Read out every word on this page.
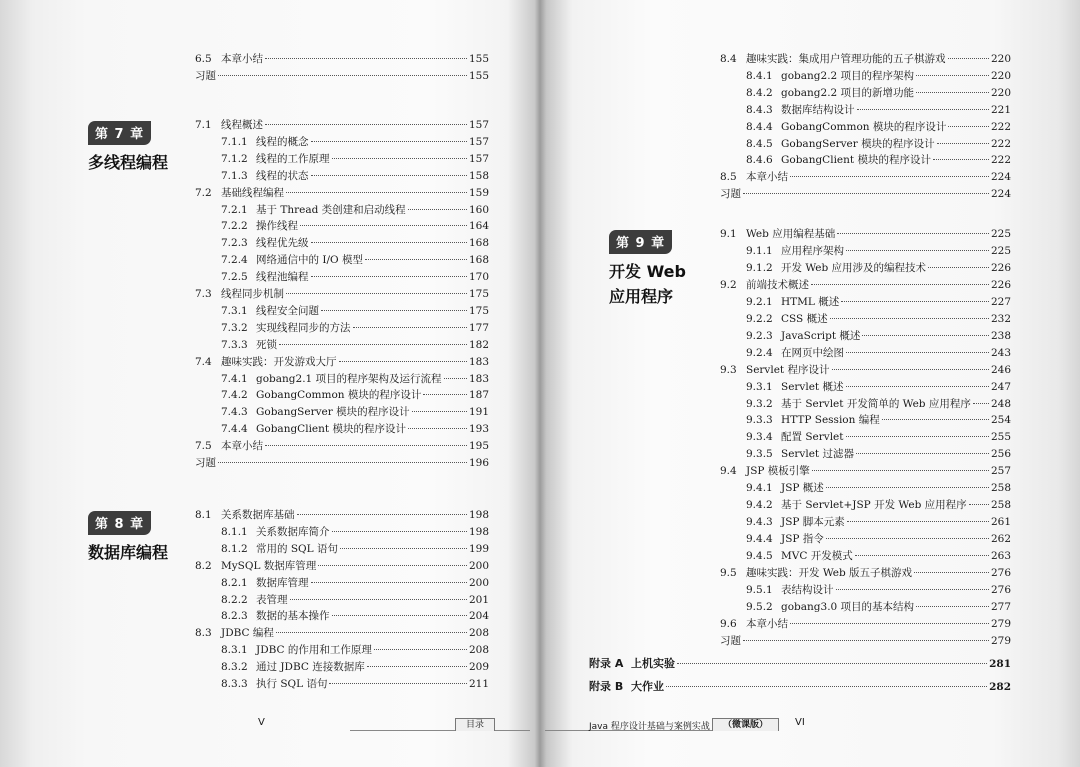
6.5 本章小结	155
习题	155
第 7 章
多线程编程
7.1 线程概述	157
7.1.1 线程的概念	157
7.1.2 线程的工作原理	157
7.1.3 线程的状态	158
7.2 基础线程编程	159
7.2.1 基于 Thread 类创建和启动线程	160
7.2.2 操作线程	164
7.2.3 线程优先级	168
7.2.4 网络通信中的 I/O 模型	168
7.2.5 线程池编程	170
7.3 线程同步机制	175
7.3.1 线程安全问题	175
7.3.2 实现线程同步的方法	177
7.3.3 死锁	182
7.4 趣味实践：开发游戏大厅	183
7.4.1 gobang2.1 项目的程序架构及运行流程	183
7.4.2 GobangCommon 模块的程序设计	187
7.4.3 GobangServer 模块的程序设计	191
7.4.4 GobangClient 模块的程序设计	193
7.5 本章小结	195
习题	196
第 8 章
数据库编程
8.1 关系数据库基础	198
8.1.1 关系数据库简介	198
8.1.2 常用的 SQL 语句	199
8.2 MySQL 数据库管理	200
8.2.1 数据库管理	200
8.2.2 表管理	201
8.2.3 数据的基本操作	204
8.3 JDBC 编程	208
8.3.1 JDBC 的作用和工作原理	208
8.3.2 通过 JDBC 连接数据库	209
8.3.3 执行 SQL 语句	211
8.4 趣味实践：集成用户管理功能的五子棋游戏	220
8.4.1 gobang2.2 项目的程序架构	220
8.4.2 gobang2.2 项目的新增功能	220
8.4.3 数据库结构设计	221
8.4.4 GobangCommon 模块的程序设计	222
8.4.5 GobangServer 模块的程序设计	222
8.4.6 GobangClient 模块的程序设计	222
8.5 本章小结	224
习题	224
第 9 章
开发 Web
应用程序
9.1 Web 应用编程基础	225
9.1.1 应用程序架构	225
9.1.2 开发 Web 应用涉及的编程技术	226
9.2 前端技术概述	226
9.2.1 HTML 概述	227
9.2.2 CSS 概述	232
9.2.3 JavaScript 概述	238
9.2.4 在网页中绘图	243
9.3 Servlet 程序设计	246
9.3.1 Servlet 概述	247
9.3.2 基于 Servlet 开发简单的 Web 应用程序 248
9.3.3 HTTP Session 编程	254
9.3.4 配置 Servlet	255
9.3.5 Servlet 过滤器	256
9.4 JSP 模板引擎	257
9.4.1 JSP 概述	258
9.4.2 基于 Servlet+JSP 开发 Web 应用程序 258
9.4.3 JSP 脚本元素	261
9.4.4 JSP 指令	262
9.4.5 MVC 开发模式	263
9.5 趣味实践：开发 Web 版五子棋游戏	276
9.5.1 表结构设计	276
9.5.2 gobang3.0 项目的基本结构	277
9.6 本章小结	279
习题	279
附录 A 上机实验	281
附录 B 大作业	282
V	目录	Java 程序设计基础与案例实战	（微课版）	VI
